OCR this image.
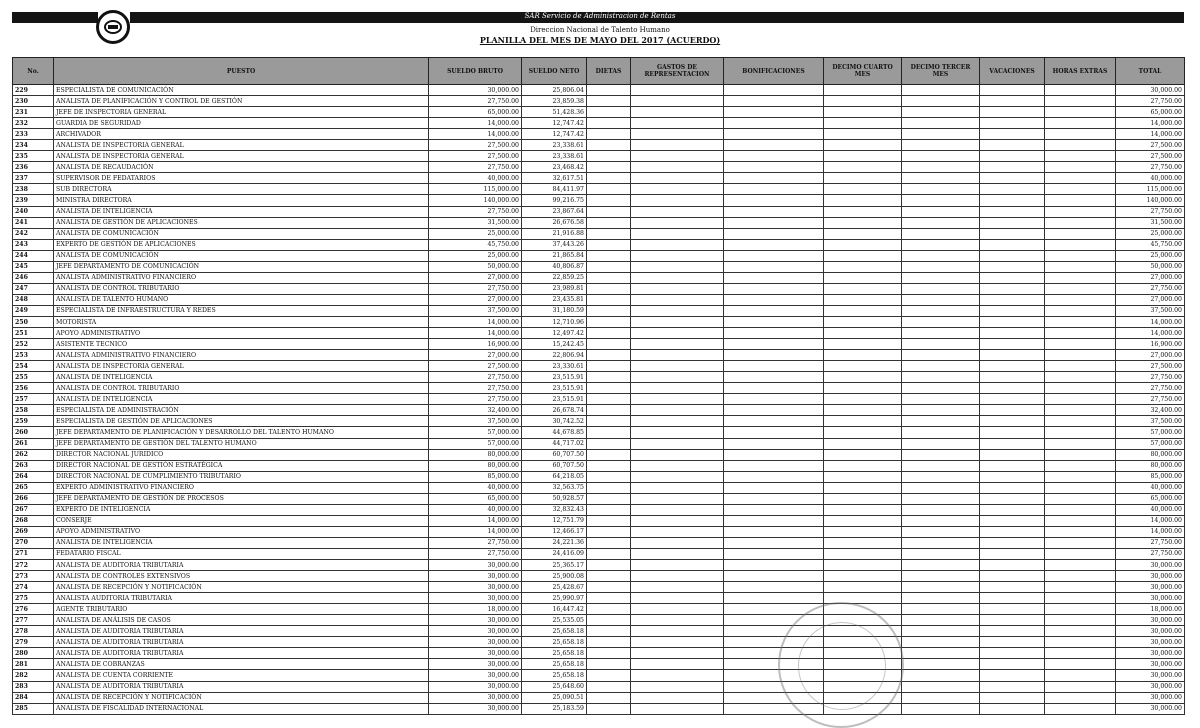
SAR Servicio de Administracion de Rentas
Direccion Nacional de Talento Humano
PLANILLA DEL MES DE MAYO DEL 2017 (ACUERDO)
No.	PUESTO	SUELDO BRUTO	SUELDO NETO	DIETAS	GASTOS DE REPRESENTACION	BONIFICACIONES	DECIMO CUARTO MES	DECIMO TERCER MES	VACACIONES	HORAS EXTRAS	TOTAL
229	ESPECIALISTA DE COMUNICACIÓN	30,000.00	25,806.04								30,000.00
230	ANALISTA DE PLANIFICACIÓN Y CONTROL DE GESTIÓN	27,750.00	23,859.38								27,750.00
231	JEFE DE INSPECTORIA GENERAL	65,000.00	51,428.36								65,000.00
232	GUARDIA DE SEGURIDAD	14,000.00	12,747.42								14,000.00
233	ARCHIVADOR	14,000.00	12,747.42								14,000.00
234	ANALISTA DE INSPECTORIA GENERAL	27,500.00	23,338.61								27,500.00
235	ANALISTA DE INSPECTORIA GENERAL	27,500.00	23,338.61								27,500.00
236	ANALISTA DE RECAUDACIÓN	27,750.00	23,468.42								27,750.00
237	SUPERVISOR DE FEDATARIOS	40,000.00	32,617.51								40,000.00
238	SUB DIRECTORA	115,000.00	84,411.97								115,000.00
239	MINISTRA DIRECTORA	140,000.00	99,216.75								140,000.00
240	ANALISTA DE INTELIGENCIA	27,750.00	23,867.64								27,750.00
241	ANALISTA DE GESTIÓN DE APLICACIONES	31,500.00	26,676.58								31,500.00
242	ANALISTA DE COMUNICACIÓN	25,000.00	21,916.88								25,000.00
243	EXPERTO DE GESTIÓN DE APLICACIONES	45,750.00	37,443.26								45,750.00
244	ANALISTA DE COMUNICACIÓN	25,000.00	21,865.84								25,000.00
245	JEFE DEPARTAMENTO DE COMUNICACIÓN	50,000.00	40,806.87								50,000.00
246	ANALISTA ADMINISTRATIVO FINANCIERO	27,000.00	22,859.25								27,000.00
247	ANALISTA DE CONTROL TRIBUTARIO	27,750.00	23,989.81								27,750.00
248	ANALISTA DE TALENTO HUMANO	27,000.00	23,435.81								27,000.00
249	ESPECIALISTA DE INFRAESTRUCTURA Y REDES	37,500.00	31,180.59								37,500.00
250	MOTORISTA	14,000.00	12,710.96								14,000.00
251	APOYO ADMINISTRATIVO	14,000.00	12,497.42								14,000.00
252	ASISTENTE TECNICO	16,900.00	15,242.45								16,900.00
253	ANALISTA ADMINISTRATIVO FINANCIERO	27,000.00	22,806.94								27,000.00
254	ANALISTA DE INSPECTORIA GENERAL	27,500.00	23,330.61								27,500.00
255	ANALISTA DE INTELIGENCIA	27,750.00	23,515.91								27,750.00
256	ANALISTA DE CONTROL TRIBUTARIO	27,750.00	23,515.91								27,750.00
257	ANALISTA DE INTELIGENCIA	27,750.00	23,515.91								27,750.00
258	ESPECIALISTA DE ADMINISTRACIÓN	32,400.00	26,678.74								32,400.00
259	ESPECIALISTA DE GESTIÓN DE APLICACIONES	37,500.00	30,742.52								37,500.00
260	JEFE DEPARTAMENTO DE PLANIFICACIÓN Y DESARROLLO DEL TALENTO HUMANO	57,000.00	44,678.85								57,000.00
261	JEFE DEPARTAMENTO DE GESTIÓN DEL TALENTO HUMANO	57,000.00	44,717.02								57,000.00
262	DIRECTOR NACIONAL JURIDICO	80,000.00	60,707.50								80,000.00
263	DIRECTOR NACIONAL DE GESTIÓN ESTRATÉGICA	80,000.00	60,707.50								80,000.00
264	DIRECTOR NACIONAL DE CUMPLIMIENTO TRIBUTARIO	85,000.00	64,218.05								85,000.00
265	EXPERTO ADMINISTRATIVO FINANCIERO	40,000.00	32,563.75								40,000.00
266	JEFE DEPARTAMENTO DE GESTIÓN DE PROCESOS	65,000.00	50,928.57								65,000.00
267	EXPERTO DE INTELIGENCIA	40,000.00	32,832.43								40,000.00
268	CONSERJE	14,000.00	12,751.79								14,000.00
269	APOYO ADMINISTRATIVO	14,000.00	12,466.17								14,000.00
270	ANALISTA DE INTELIGENCIA	27,750.00	24,221.36								27,750.00
271	FEDATARIO FISCAL	27,750.00	24,416.09								27,750.00
272	ANALISTA DE AUDITORIA TRIBUTARIA	30,000.00	25,365.17								30,000.00
273	ANALISTA DE CONTROLES EXTENSIVOS	30,000.00	25,900.08								30,000.00
274	ANALISTA DE RECEPCIÓN Y NOTIFICACIÓN	30,000.00	25,428.67								30,000.00
275	ANALISTA AUDITORIA TRIBUTARIA	30,000.00	25,990.97								30,000.00
276	AGENTE TRIBUTARIO	18,000.00	16,447.42								18,000.00
277	ANALISTA DE ANÁLISIS DE CASOS	30,000.00	25,535.05								30,000.00
278	ANALISTA DE AUDITORIA TRIBUTARIA	30,000.00	25,658.18								30,000.00
279	ANALISTA DE AUDITORIA TRIBUTARIA	30,000.00	25,658.18								30,000.00
280	ANALISTA DE AUDITORIA TRIBUTARIA	30,000.00	25,658.18								30,000.00
281	ANALISTA DE COBRANZAS	30,000.00	25,658.18								30,000.00
282	ANALISTA DE CUENTA CORRIENTE	30,000.00	25,658.18								30,000.00
283	ANALISTA DE AUDITORIA TRIBUTARIA	30,000.00	25,648.60								30,000.00
284	ANALISTA DE RECEPCIÓN Y NOTIFICACIÓN	30,000.00	25,090.51								30,000.00
285	ANALISTA DE FISCALIDAD INTERNACIONAL	30,000.00	25,183.59								30,000.00
